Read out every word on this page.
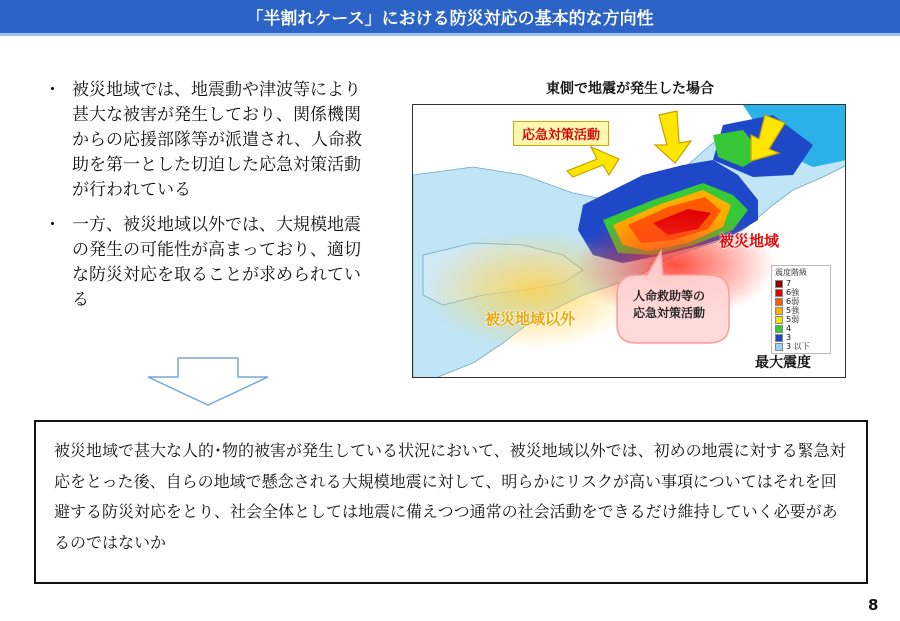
「半割れケース」における防災対応の基本的な方向性
・ 被災地域では、地震動や津波等により甚大な被害が発生しており、関係機関からの応援部隊等が派遣され、人命救助を第一とした切迫した応急対策活動が行われている
・ 一方、被災地域以外では、大規模地震の発生の可能性が高まっており、適切な防災対応を取ることが求められている
東側で地震が発生した場合
応急対策活動
被災地域
被災地域以外
人命救助等の
応急対策活動
震度階級
7
6強
6弱
5強
5弱
4
3
3 以下
最大震度
被災地域で甚大な人的･物的被害が発生している状況において、被災地域以外では、初めの地震に対する緊急対応をとった後、自らの地域で懸念される大規模地震に対して、明らかにリスクが高い事項についてはそれを回避する防災対応をとり、社会全体としては地震に備えつつ通常の社会活動をできるだけ維持していく必要があるのではないか
8
